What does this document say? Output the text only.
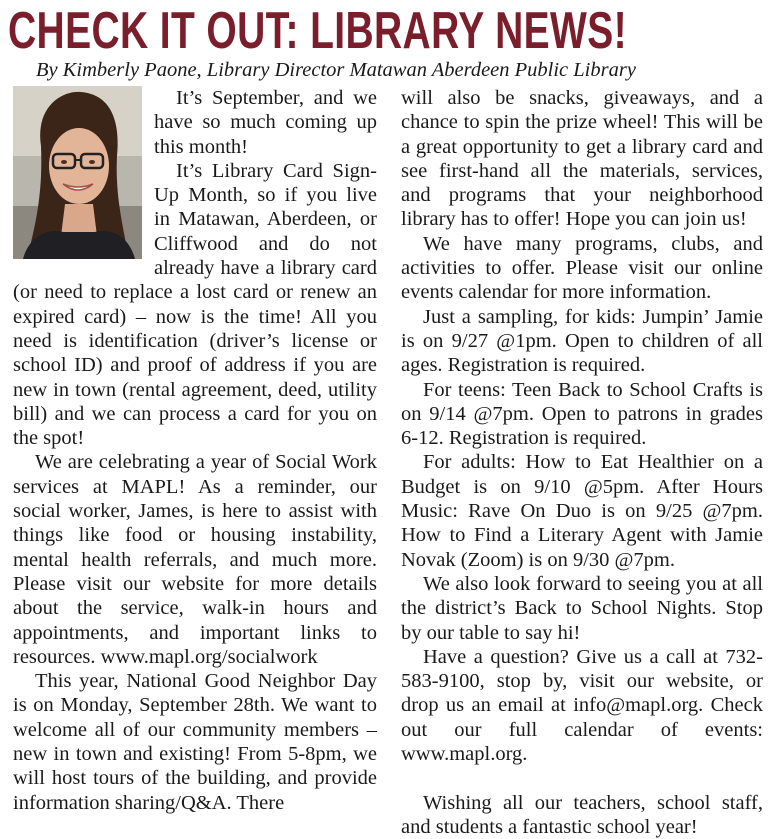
CHECK IT OUT: LIBRARY NEWS!

By Kimberly Paone, Library Director Matawan Aberdeen Public Library

It’s September, and we have so much coming up this month!

It’s Library Card Sign-Up Month, so if you live in Matawan, Aberdeen, or Cliffwood and do not already have a library card (or need to replace a lost card or renew an expired card) – now is the time! All you need is identification (driver’s license or school ID) and proof of address if you are new in town (rental agreement, deed, utility bill) and we can process a card for you on the spot!

We are celebrating a year of Social Work services at MAPL! As a reminder, our social worker, James, is here to assist with things like food or housing instability, mental health referrals, and much more. Please visit our website for more details about the service, walk-in hours and appointments, and important links to resources. www.mapl.org/socialwork

This year, National Good Neighbor Day is on Monday, September 28th. We want to welcome all of our community members – new in town and existing! From 5-8pm, we will host tours of the building, and provide information sharing/Q&A. There

will also be snacks, giveaways, and a chance to spin the prize wheel! This will be a great opportunity to get a library card and see first-hand all the materials, services, and programs that your neighborhood library has to offer! Hope you can join us!

We have many programs, clubs, and activities to offer. Please visit our online events calendar for more information.

Just a sampling, for kids: Jumpin’ Jamie is on 9/27 @1pm. Open to children of all ages. Registration is required.

For teens: Teen Back to School Crafts is on 9/14 @7pm. Open to patrons in grades 6-12. Registration is required.

For adults: How to Eat Healthier on a Budget is on 9/10 @5pm. After Hours Music: Rave On Duo is on 9/25 @7pm. How to Find a Literary Agent with Jamie Novak (Zoom) is on 9/30 @7pm.

We also look forward to seeing you at all the district’s Back to School Nights. Stop by our table to say hi!

Have a question? Give us a call at 732-583-9100, stop by, visit our website, or drop us an email at info@mapl.org. Check out our full calendar of events: www.mapl.org.

Wishing all our teachers, school staff, and students a fantastic school year!
